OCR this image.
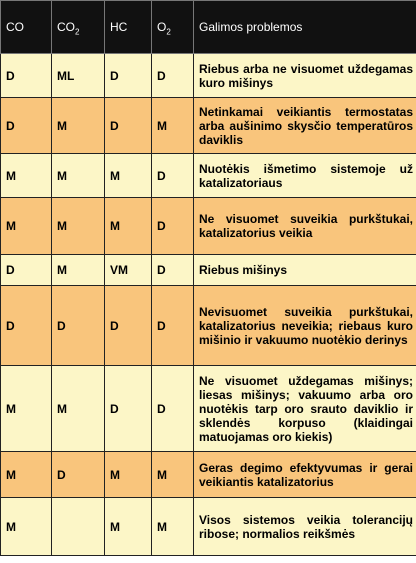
CO	$CO_2$	HC	$O_2$	Galimos problemos
D	ML	D	D	Riebus arba ne visuomet uždegamas kuro mišinys
D	M	D	M	Netinkamai veikiantis termostatas arba aušinimo skysčio temperatūros daviklis
M	M	M	D	Nuotėkis išmetimo sistemoje už katalizatoriaus
M	M	M	D	Ne visuomet suveikia purkštukai, katalizatorius veikia
D	M	VM	D	Riebus mišinys
D	D	D	D	Nevisuomet suveikia purkštukai, katalizatorius neveikia; riebaus kuro mišinio ir vakuumo nuotėkio derinys
M	M	D	D	Ne visuomet uždegamas mišinys; liesas mišinys; vakuumo arba oro nuotėkis tarp oro srauto daviklio ir sklendės korpuso (klaidingai matuojamas oro kiekis)
M	D	M	M	Geras degimo efektyvumas ir gerai veikiantis katalizatorius
M		M	M	Visos sistemos veikia tolerancijų ribose; normalios reikšmės
